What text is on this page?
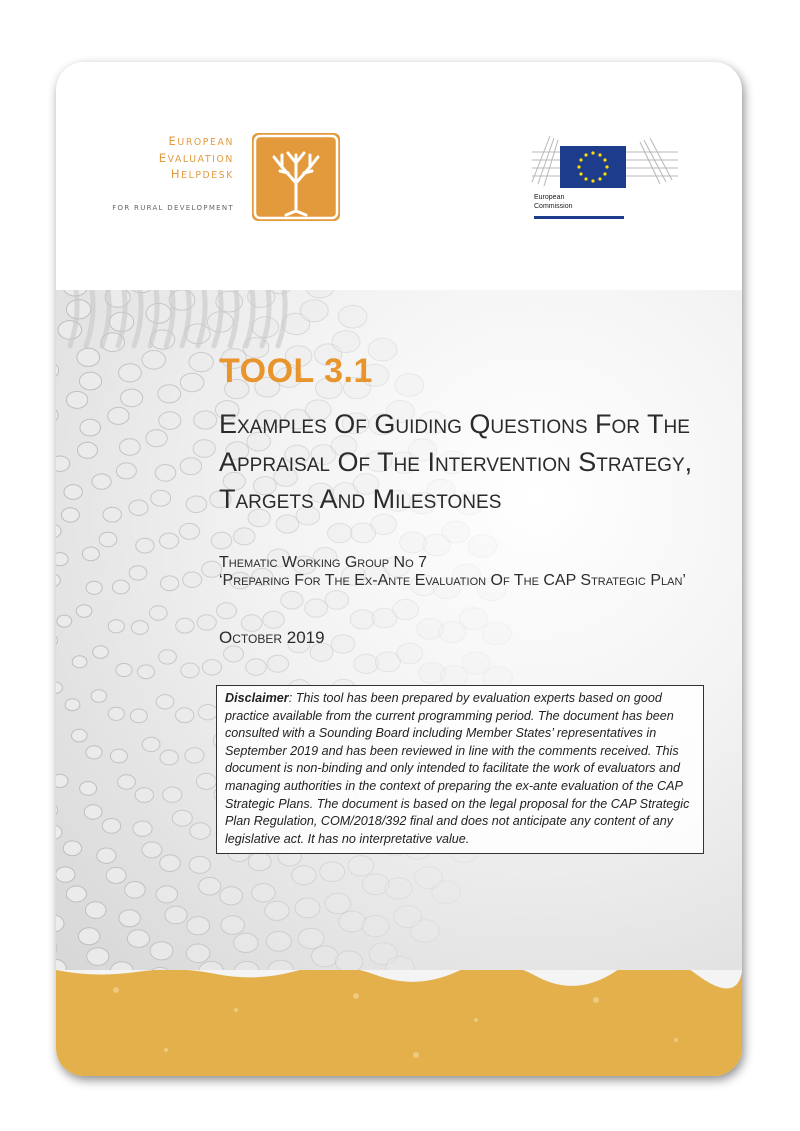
EUROPEAN
EVALUATION
HELPDESK
FOR RURAL DEVELOPMENT
European
Commission
TOOL 3.1
Examples Of Guiding Questions For The Appraisal Of The Intervention Strategy, Targets And Milestones
Thematic Working Group No 7
‘Preparing For The Ex-Ante Evaluation Of The CAP Strategic Plan’
October 2019
Disclaimer: This tool has been prepared by evaluation experts based on good practice available from the current programming period. The document has been consulted with a Sounding Board including Member States’ representatives in September 2019 and has been reviewed in line with the comments received. This document is non-binding and only intended to facilitate the work of evaluators and managing authorities in the context of preparing the ex-ante evaluation of the CAP Strategic Plans. The document is based on the legal proposal for the CAP Strategic Plan Regulation, COM/2018/392 final and does not anticipate any content of any legislative act. It has no interpretative value.
